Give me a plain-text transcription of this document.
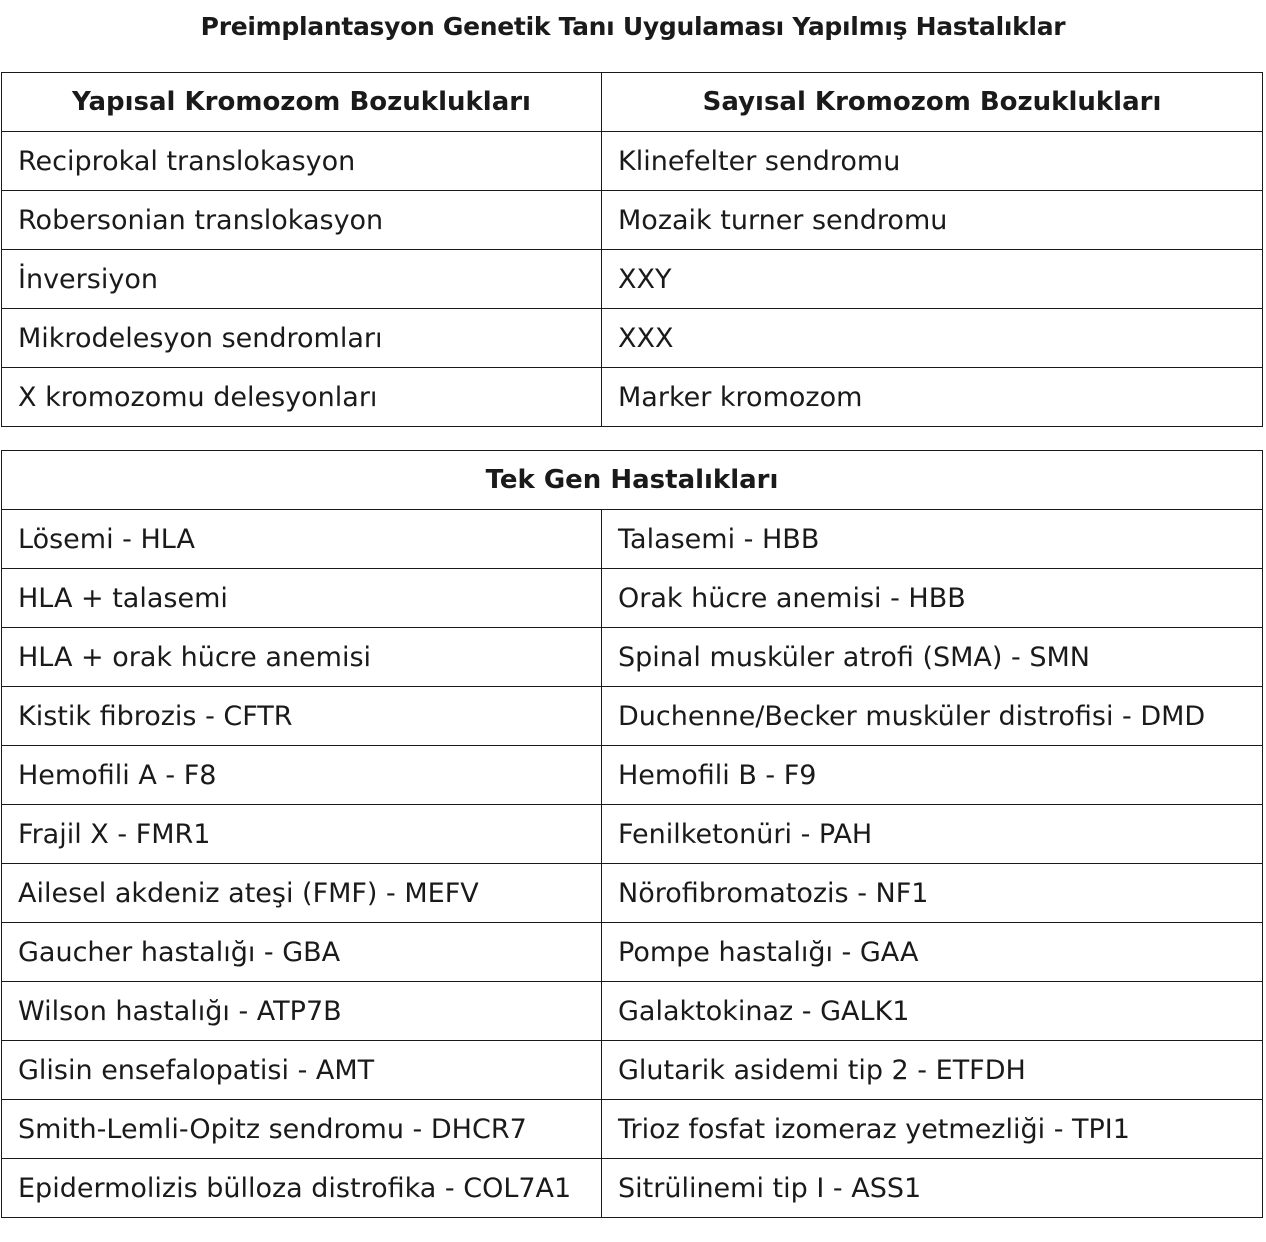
Preimplantasyon Genetik Tanı Uygulaması Yapılmış Hastalıklar
Yapısal Kromozom Bozuklukları	Sayısal Kromozom Bozuklukları
Reciprokal translokasyon	Klinefelter sendromu
Robersonian translokasyon	Mozaik turner sendromu
İnversiyon	XXY
Mikrodelesyon sendromları	XXX
X kromozomu delesyonları	Marker kromozom
Tek Gen Hastalıkları	
Lösemi - HLA	Talasemi - HBB
HLA + talasemi	Orak hücre anemisi - HBB
HLA + orak hücre anemisi	Spinal musküler atrofi (SMA) - SMN
Kistik fibrozis - CFTR	Duchenne/Becker musküler distrofisi - DMD
Hemofili A - F8	Hemofili B - F9
Frajil X - FMR1	Fenilketonüri - PAH
Ailesel akdeniz ateşi (FMF) - MEFV	Nörofibromatozis - NF1
Gaucher hastalığı - GBA	Pompe hastalığı - GAA
Wilson hastalığı - ATP7B	Galaktokinaz - GALK1
Glisin ensefalopatisi - AMT	Glutarik asidemi tip 2 - ETFDH
Smith-Lemli-Opitz sendromu - DHCR7	Trioz fosfat izomeraz yetmezliği - TPI1
Epidermolizis bülloza distrofika - COL7A1	Sitrülinemi tip I - ASS1
